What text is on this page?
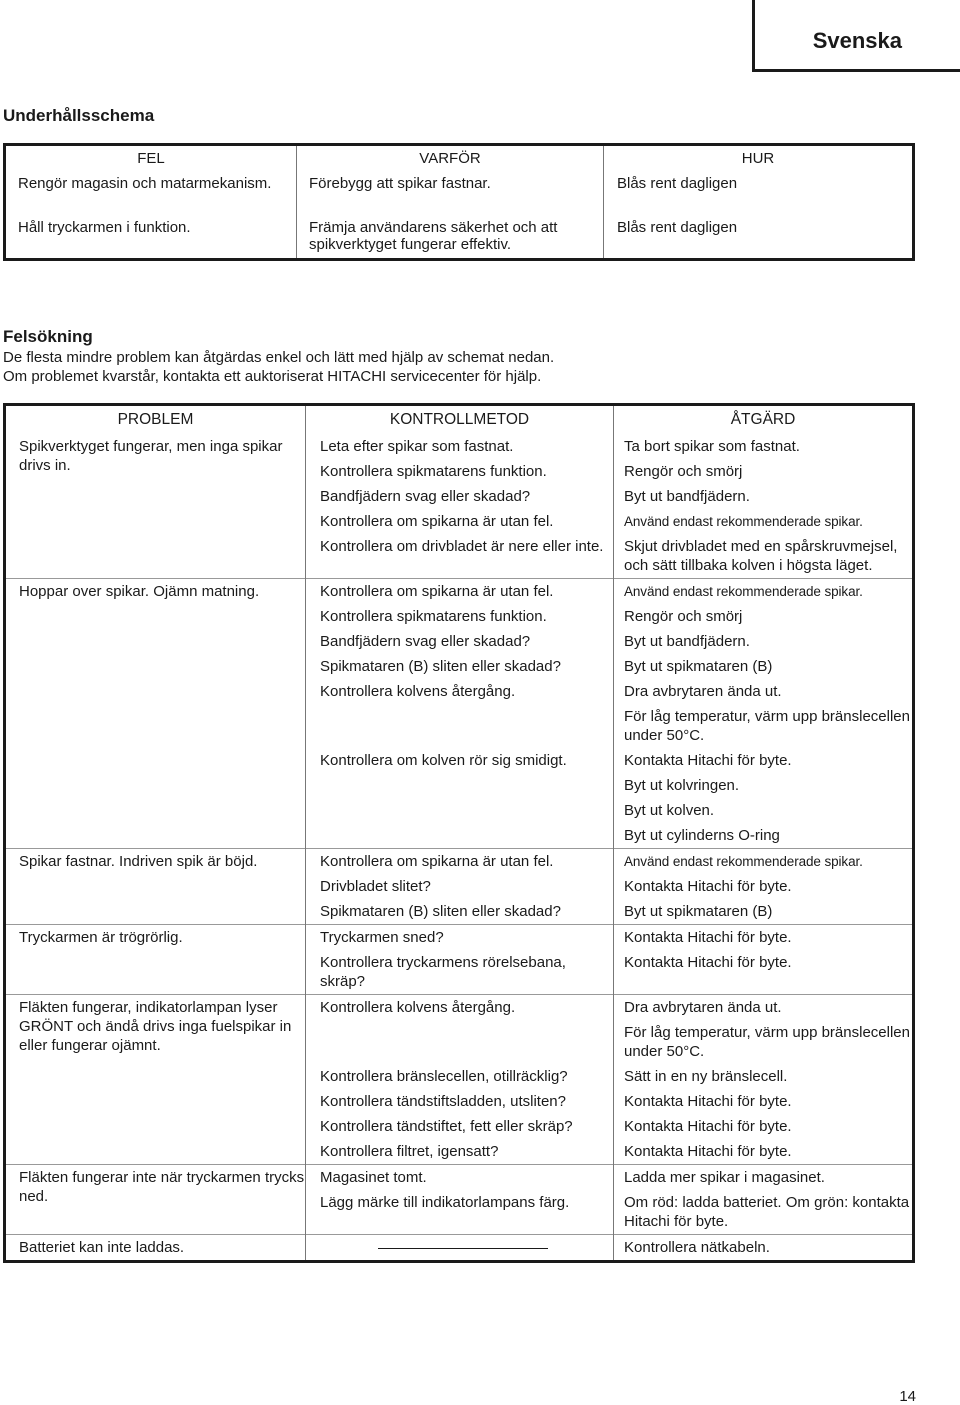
Svenska
Underhållsschema
FEL	VARFÖR	HUR
Rengör magasin och matarmekanism.	Förebygg att spikar fastnar.	Blås rent dagligen
Håll tryckarmen i funktion.	Främja användarens säkerhet och att spikverktyget fungerar effektiv.	Blås rent dagligen
Felsökning
De flesta mindre problem kan åtgärdas enkel och lätt med hjälp av schemat nedan.
Om problemet kvarstår, kontakta ett auktoriserat HITACHI servicecenter för hjälp.
PROBLEM	KONTROLLMETOD	ÅTGÄRD
Spikverktyget fungerar, men inga spikar drivs in.	Leta efter spikar som fastnat.	Ta bort spikar som fastnat.
	Kontrollera spikmatarens funktion.	Rengör och smörj
	Bandfjädern svag eller skadad?	Byt ut bandfjädern.
	Kontrollera om spikarna är utan fel.	Använd endast rekommenderade spikar.
	Kontrollera om drivbladet är nere eller inte.	Skjut drivbladet med en spårskruvmejsel, och sätt tillbaka kolven i högsta läget.
Hoppar over spikar. Ojämn matning.	Kontrollera om spikarna är utan fel.	Använd endast rekommenderade spikar.
	Kontrollera spikmatarens funktion.	Rengör och smörj
	Bandfjädern svag eller skadad?	Byt ut bandfjädern.
	Spikmataren (B) sliten eller skadad?	Byt ut spikmataren (B)
	Kontrollera kolvens återgång.	Dra avbrytaren ända ut.
		För låg temperatur, värm upp bränslecellen under 50°C.
	Kontrollera om kolven rör sig smidigt.	Kontakta Hitachi för byte.
		Byt ut kolvringen.
		Byt ut kolven.
		Byt ut cylinderns O-ring
Spikar fastnar. Indriven spik är böjd.	Kontrollera om spikarna är utan fel.	Använd endast rekommenderade spikar.
	Drivbladet slitet?	Kontakta Hitachi för byte.
	Spikmataren (B) sliten eller skadad?	Byt ut spikmataren (B)
Tryckarmen är trögrörlig.	Tryckarmen sned?	Kontakta Hitachi för byte.
	Kontrollera tryckarmens rörelsebana, skräp?	Kontakta Hitachi för byte.
Fläkten fungerar, indikatorlampan lyser GRÖNT och ändå drivs inga fuelspikar in eller fungerar ojämnt.	Kontrollera kolvens återgång.	Dra avbrytaren ända ut.
		För låg temperatur, värm upp bränslecellen under 50°C.
	Kontrollera bränslecellen, otillräcklig?	Sätt in en ny bränslecell.
	Kontrollera tändstiftsladden, utsliten?	Kontakta Hitachi för byte.
	Kontrollera tändstiftet, fett eller skräp?	Kontakta Hitachi för byte.
	Kontrollera filtret, igensatt?	Kontakta Hitachi för byte.
Fläkten fungerar inte när tryckarmen trycks ned.	Magasinet tomt.	Ladda mer spikar i magasinet.
	Lägg märke till indikatorlampans färg.	Om röd: ladda batteriet. Om grön: kontakta Hitachi för byte.
Batteriet kan inte laddas.		Kontrollera nätkabeln.
14
